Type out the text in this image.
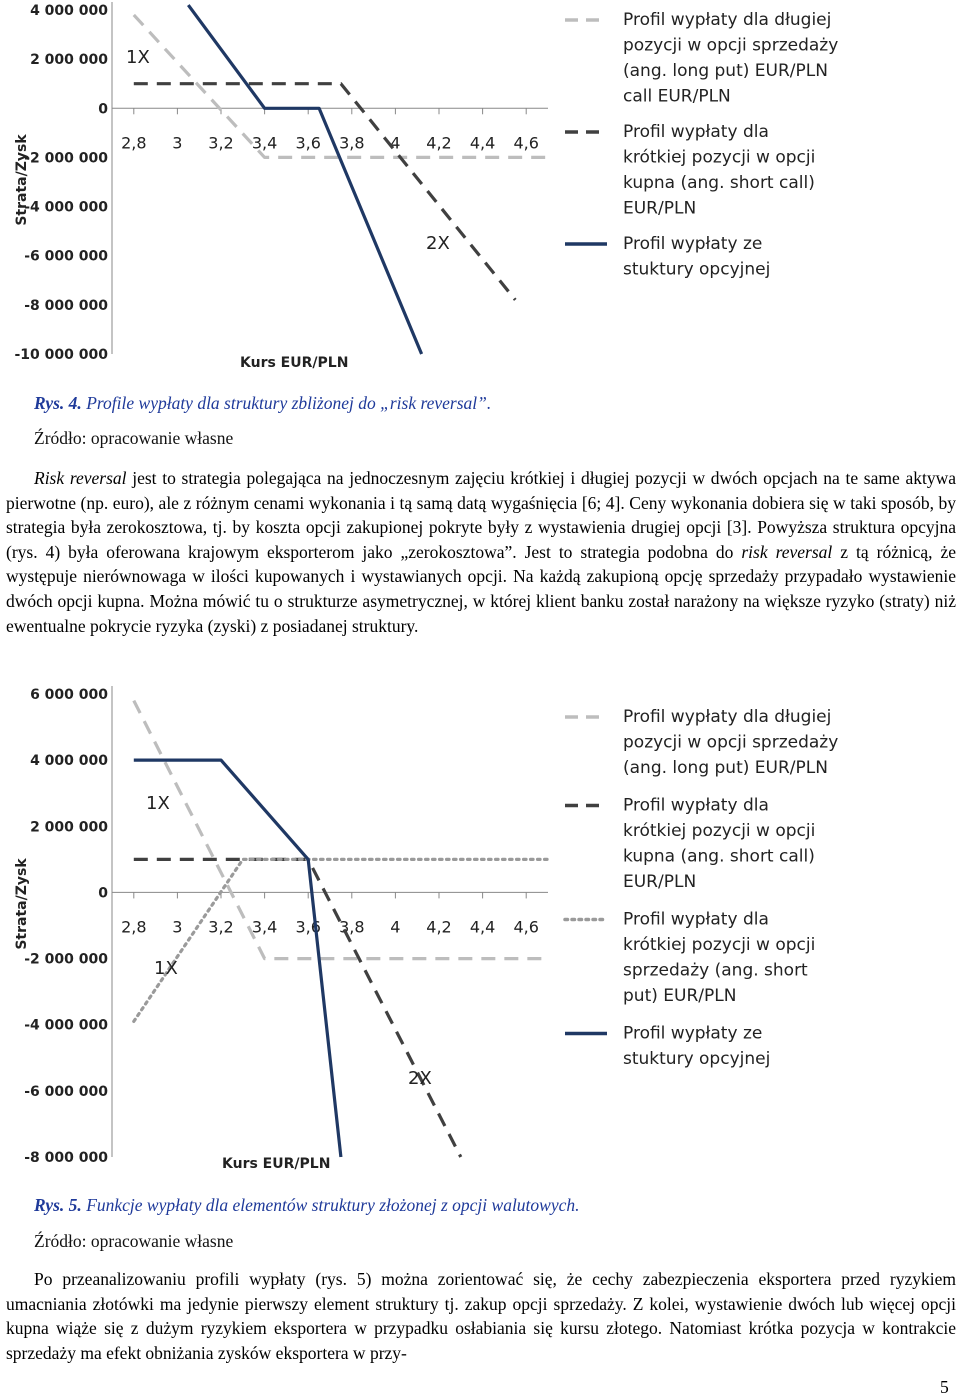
4 000 000
2 000 000
0
-2 000 000
-4 000 000
-6 000 000
-8 000 000
-10 000 000
2,8 3 3,2 3,4 3,6 3,8 4 4,2 4,4 4,6
1X
2X
Kurs EUR/PLN
Strata/Zysk
Profil wypłaty dla długiej
pozycji w opcji sprzedaży
(ang. long put) EUR/PLN
call EUR/PLN
Profil wypłaty dla
krótkiej pozycji w opcji
kupna (ang. short call)
EUR/PLN
Profil wypłaty ze
stuktury opcyjnej
Rys. 4. Profile wypłaty dla struktury zbliżonej do „risk reversal”.
Źródło: opracowanie własne

Risk reversal jest to strategia polegająca na jednoczesnym zajęciu krótkiej i długiej pozycji w dwóch opcjach na te same aktywa pierwotne (np. euro), ale z różnym cenami wykonania i tą samą datą wygaśnięcia [6; 4]. Ceny wykonania dobiera się w taki sposób, by strategia była zerokosztowa, tj. by koszta opcji zakupionej pokryte były z wystawienia drugiej opcji [3]. Powyższa struktura opcyjna (rys. 4) była oferowana krajowym eksporterom jako „zerokosztowa”. Jest to strategia podobna do risk reversal z tą różnicą, że występuje nierównowaga w ilości kupowanych i wystawianych opcji. Na każdą zakupioną opcję sprzedaży przypadało wystawienie dwóch opcji kupna. Można mówić tu o strukturze asymetrycznej, w której klient banku został narażony na większe ryzyko (straty) niż ewentualne pokrycie ryzyka (zyski) z posiadanej struktury.

6 000 000
4 000 000
2 000 000
0
-2 000 000
-4 000 000
-6 000 000
-8 000 000
2,8 3 3,2 3,4 3,6 3,8 4 4,2 4,4 4,6
1X
1X
2X
Kurs EUR/PLN
Strata/Zysk
Profil wypłaty dla długiej
pozycji w opcji sprzedaży
(ang. long put) EUR/PLN
Profil wypłaty dla
krótkiej pozycji w opcji
kupna (ang. short call)
EUR/PLN
Profil wypłaty dla
krótkiej pozycji w opcji
sprzedaży (ang. short
put) EUR/PLN
Profil wypłaty ze
stuktury opcyjnej
Rys. 5. Funkcje wypłaty dla elementów struktury złożonej z opcji walutowych.
Źródło: opracowanie własne

Po przeanalizowaniu profili wypłaty (rys. 5) można zorientować się, że cechy zabezpieczenia eksportera przed ryzykiem umacniania złotówki ma jedynie pierwszy element struktury tj. zakup opcji sprzedaży. Z kolei, wystawienie dwóch lub więcej opcji kupna wiąże się z dużym ryzykiem eksportera w przypadku osłabiania się kursu złotego. Natomiast krótka pozycja w kontrakcie sprzedaży ma efekt obniżania zysków eksportera w przy-

5
